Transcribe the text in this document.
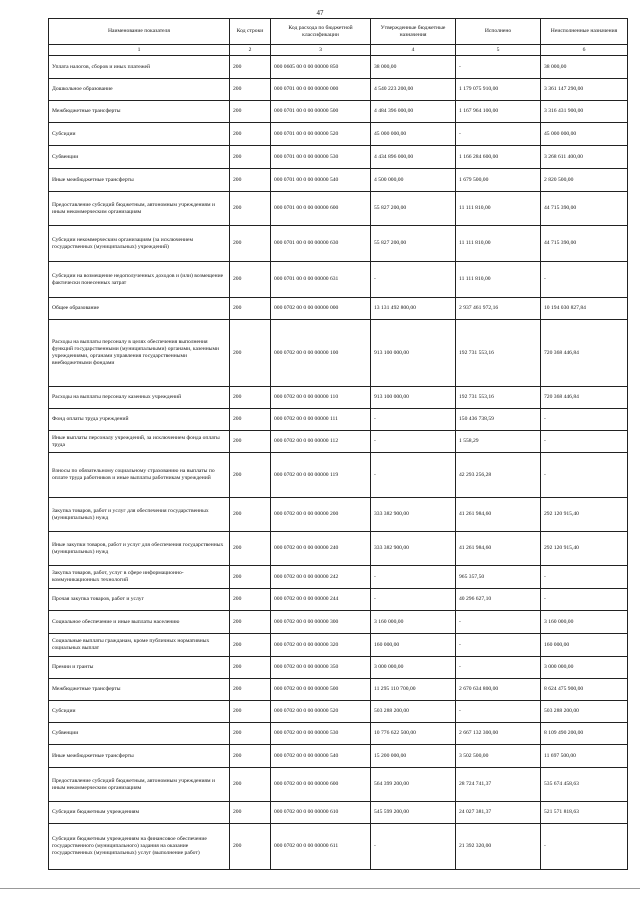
47
Наименование показателя	Код строки	Код расхода по бюджетной классификации	Утвержденные бюджетные назначения	Исполнено	Неисполненные назначения
1	2	3	4	5	6
Уплата налогов, сборов и иных платежей	200	000 0605 00 0 00 00000 850	38 000,00	-	38 000,00
Дошкольное образование	200	000 0701 00 0 00 00000 000	4 540 223 200,00	1 179 075 910,00	3 361 147 290,00
Межбюджетные трансферты	200	000 0701 00 0 00 00000 500	4 484 396 000,00	1 167 964 100,00	3 316 431 900,00
Субсидии	200	000 0701 00 0 00 00000 520	45 000 000,00	-	45 000 000,00
Субвенции	200	000 0701 00 0 00 00000 530	4 434 896 000,00	1 166 284 600,00	3 268 611 400,00
Иные межбюджетные трансферты	200	000 0701 00 0 00 00000 540	4 500 000,00	1 679 500,00	2 820 500,00
Предоставление субсидий бюджетным, автономным учреждениям и иным некоммерческим организациям	200	000 0701 00 0 00 00000 600	55 827 200,00	11 111 810,00	44 715 390,00
Субсидии некоммерческим организациям (за исключением государственных (муниципальных) учреждений)	200	000 0701 00 0 00 00000 630	55 827 200,00	11 111 810,00	44 715 390,00
Субсидии на возмещение недополученных доходов и (или) возмещение фактически понесенных затрат	200	000 0701 00 0 00 00000 631	-	11 111 810,00	-
Общее образование	200	000 0702 00 0 00 00000 000	13 131 492 800,00	2 937 461 972,16	10 194 030 827,84
Расходы на выплаты персоналу в целях обеспечения выполнения функций государственными (муниципальными) органами, казенными учреждениями, органами управления государственными внебюджетными фондами	200	000 0702 00 0 00 00000 100	913 100 000,00	192 731 553,16	720 368 446,84
Расходы на выплаты персоналу казенных учреждений	200	000 0702 00 0 00 00000 110	913 100 000,00	192 731 553,16	720 368 446,84
Фонд оплаты труда учреждений	200	000 0702 00 0 00 00000 111	-	150 436 738,59	-
Иные выплаты персоналу учреждений, за исключением фонда оплаты труда	200	000 0702 00 0 00 00000 112	-	1 558,29	-
Взносы по обязательному социальному страхованию на выплаты по оплате труда работников и иные выплаты работникам учреждений	200	000 0702 00 0 00 00000 119	-	42 293 256,28	-
Закупка товаров, работ и услуг для обеспечения государственных (муниципальных) нужд	200	000 0702 00 0 00 00000 200	333 382 900,00	41 261 984,60	292 120 915,40
Иные закупки товаров, работ и услуг для обеспечения государственных (муниципальных) нужд	200	000 0702 00 0 00 00000 240	333 382 900,00	41 261 984,60	292 120 915,40
Закупка товаров, работ, услуг в сфере информационно-коммуникационных технологий	200	000 0702 00 0 00 00000 242	-	965 357,50	-
Прочая закупка товаров, работ и услуг	200	000 0702 00 0 00 00000 244	-	40 296 627,10	-
Социальное обеспечение и иные выплаты населению	200	000 0702 00 0 00 00000 300	3 160 000,00	-	3 160 000,00
Социальные выплаты гражданам, кроме публичных нормативных социальных выплат	200	000 0702 00 0 00 00000 320	160 000,00	-	160 000,00
Премии и гранты	200	000 0702 00 0 00 00000 350	3 000 000,00	-	3 000 000,00
Межбюджетные трансферты	200	000 0702 00 0 00 00000 500	11 295 110 700,00	2 670 634 800,00	8 624 475 900,00
Субсидии	200	000 0702 00 0 00 00000 520	503 288 200,00	-	503 288 200,00
Субвенции	200	000 0702 00 0 00 00000 530	10 776 622 500,00	2 667 132 300,00	8 109 490 200,00
Иные межбюджетные трансферты	200	000 0702 00 0 00 00000 540	15 200 000,00	3 502 500,00	11 697 500,00
Предоставление субсидий бюджетным, автономным учреждениям и иным некоммерческим организациям	200	000 0702 00 0 00 00000 600	564 399 200,00	28 724 741,37	535 674 458,63
Субсидии бюджетным учреждениям	200	000 0702 00 0 00 00000 610	545 599 200,00	24 027 381,37	521 571 818,63
Субсидии бюджетным учреждениям на финансовое обеспечение государственного (муниципального) задания на оказание государственных (муниципальных) услуг (выполнение работ)	200	000 0702 00 0 00 00000 611	-	21 392 320,00	-
